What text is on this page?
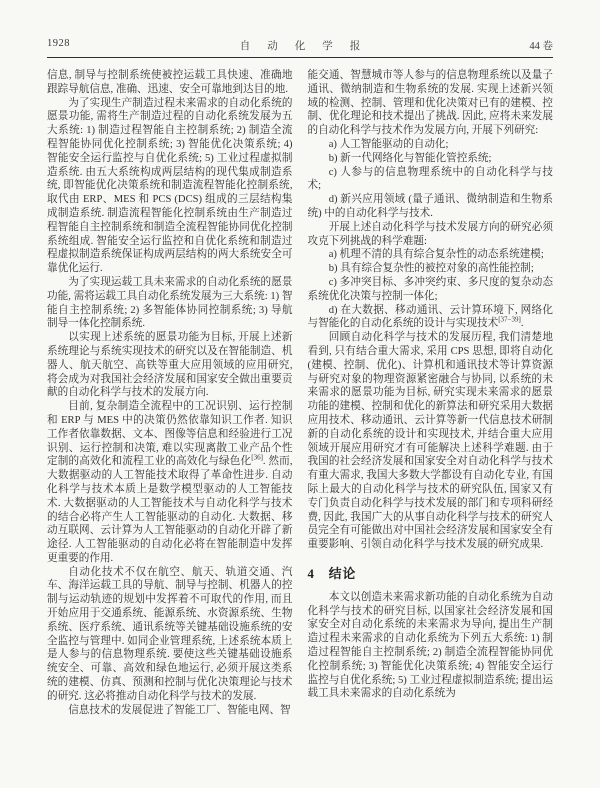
1928	自动化学报	44 卷

信息, 制导与控制系统使被控运载工具快速、准确地跟踪导航信息, 准确、迅速、安全可靠地到达目的地.

为了实现生产制造过程未来需求的自动化系统的愿景功能, 需将生产制造过程的自动化系统发展为五大系统: 1) 制造过程智能自主控制系统; 2) 制造全流程智能协同优化控制系统; 3) 智能优化决策系统; 4) 智能安全运行监控与自优化系统; 5) 工业过程虚拟制造系统. 由五大系统构成两层结构的现代集成制造系统, 即智能优化决策系统和制造流程智能化控制系统, 取代由 ERP、MES 和 PCS (DCS) 组成的三层结构集成制造系统. 制造流程智能化控制系统由生产制造过程智能自主控制系统和制造全流程智能协同优化控制系统组成. 智能安全运行监控和自优化系统和制造过程虚拟制造系统保证构成两层结构的两大系统安全可靠优化运行.

为了实现运载工具未来需求的自动化系统的愿景功能, 需将运载工具自动化系统发展为三大系统: 1) 智能自主控制系统; 2) 多智能体协同控制系统; 3) 导航制导一体化控制系统.

以实现上述系统的愿景功能为目标, 开展上述新系统理论与系统实现技术的研究以及在智能制造、机器人、航天航空、高铁等重大应用领域的应用研究, 将会成为对我国社会经济发展和国家安全做出重要贡献的自动化科学与技术的发展方向.

目前, 复杂制造全流程中的工况识别、运行控制和 ERP 与 MES 中的决策仍然依靠知识工作者. 知识工作者依靠数据、文本、图像等信息和经验进行工况识别、运行控制和决策, 难以实现离散工业产品个性定制的高效化和流程工业的高效化与绿色化[36]. 然而, 大数据驱动的人工智能技术取得了革命性进步. 自动化科学与技术本质上是数学模型驱动的人工智能技术. 大数据驱动的人工智能技术与自动化科学与技术的结合必将产生人工智能驱动的自动化. 大数据、移动互联网、云计算为人工智能驱动的自动化开辟了新途径. 人工智能驱动的自动化必将在智能制造中发挥更重要的作用.

自动化技术不仅在航空、航天、轨道交通、汽车、海洋运载工具的导航、制导与控制、机器人的控制与运动轨迹的规划中发挥着不可取代的作用, 而且开始应用于交通系统、能源系统、水资源系统、生物系统、医疗系统、通讯系统等关键基础设施系统的安全监控与管理中. 如同企业管理系统, 上述系统本质上是人参与的信息物理系统. 要使这些关键基础设施系统安全、可靠、高效和绿色地运行, 必须开展这类系统的建模、仿真、预测和控制与优化决策理论与技术的研究. 这必将推动自动化科学与技术的发展.

信息技术的发展促进了智能工厂、智能电网、智

能交通、智慧城市等人参与的信息物理系统以及量子通讯、微纳制造和生物系统的发展. 实现上述新兴领域的检测、控制、管理和优化决策对已有的建模、控制、优化理论和技术提出了挑战. 因此, 应将未来发展的自动化科学与技术作为发展方向, 开展下列研究:

a) 人工智能驱动的自动化;

b) 新一代网络化与智能化管控系统;

c) 人参与的信息物理系统中的自动化科学与技术;

d) 新兴应用领域 (量子通讯、微纳制造和生物系统) 中的自动化科学与技术.

开展上述自动化科学与技术发展方向的研究必须攻克下列挑战的科学难题:

a) 机理不清的具有综合复杂性的动态系统建模;

b) 具有综合复杂性的被控对象的高性能控制;

c) 多冲突目标、多冲突约束、多尺度的复杂动态系统优化决策与控制一体化;

d) 在大数据、移动通讯、云计算环境下, 网络化与智能化的自动化系统的设计与实现技术[37−39].

回顾自动化科学与技术的发展历程, 我们清楚地看到, 只有结合重大需求, 采用 CPS 思想, 即将自动化 (建模、控制、优化)、计算机和通讯技术等计算资源与研究对象的物理资源紧密融合与协同, 以系统的未来需求的愿景功能为目标, 研究实现未来需求的愿景功能的建模、控制和优化的新算法和研究采用大数据应用技术、移动通讯、云计算等新一代信息技术研制新的自动化系统的设计和实现技术, 并结合重大应用领域开展应用研究才有可能解决上述科学难题. 由于我国的社会经济发展和国家安全对自动化科学与技术有重大需求, 我国大多数大学都设有自动化专业, 有国际上最大的自动化科学与技术的研究队伍, 国家又有专门负责自动化科学与技术发展的部门和专项科研经费, 因此, 我国广大的从事自动化科学与技术的研究人员完全有可能做出对中国社会经济发展和国家安全有重要影响、引领自动化科学与技术发展的研究成果.

4　结论

本文以创造未来需求新功能的自动化系统为自动化科学与技术的研究目标, 以国家社会经济发展和国家安全对自动化系统的未来需求为导向, 提出生产制造过程未来需求的自动化系统为下列五大系统: 1) 制造过程智能自主控制系统; 2) 制造全流程智能协同优化控制系统; 3) 智能优化决策系统; 4) 智能安全运行监控与自优化系统; 5) 工业过程虚拟制造系统; 提出运载工具未来需求的自动化系统为
